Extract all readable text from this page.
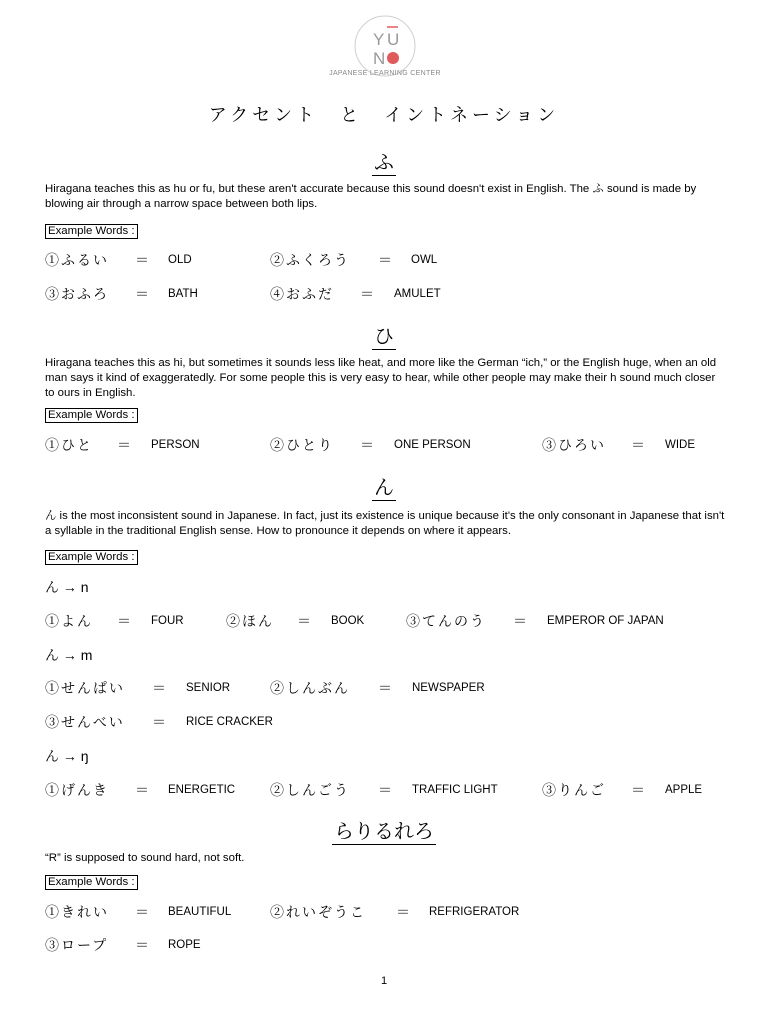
Y U
N
JAPANESE LEARNING CENTER
アクセント　と　イントネーション
ふ
Hiragana teaches this as hu or fu, but these aren't accurate because this sound doesn't exist in English. The ふ sound is made by blowing air through a narrow space between both lips.
Example Words :
①ふるい ＝ OLD	②ふくろう ＝ OWL
③おふろ ＝ BATH	④おふだ ＝ AMULET
ひ
Hiragana teaches this as hi, but sometimes it sounds less like heat, and more like the German “ich,” or the English huge, when an old man says it kind of exaggeratedly. For some people this is very easy to hear, while other people may make their h sound much closer to ours in English.
Example Words :
①ひと ＝ PERSON	②ひとり ＝ ONE PERSON	③ひろい ＝ WIDE
ん
ん is the most inconsistent sound in Japanese. In fact, just its existence is unique because it's the only consonant in Japanese that isn't a syllable in the traditional English sense. How to pronounce it depends on where it appears.
Example Words :
ん → n
①よん ＝ FOUR	②ほん ＝ BOOK	③てんのう ＝ EMPEROR OF JAPAN
ん → m
①せんぱい ＝ SENIOR	②しんぶん ＝ NEWSPAPER
③せんべい ＝ RICE CRACKER
ん → ŋ
①げんき ＝ ENERGETIC ②しんごう ＝ TRAFFIC LIGHT	③りんご ＝ APPLE
らりるれろ
“R” is supposed to sound hard, not soft.
Example Words :
①きれい ＝ BEAUTIFUL	②れいぞうこ ＝ REFRIGERATOR
③ロープ ＝ ROPE
1
